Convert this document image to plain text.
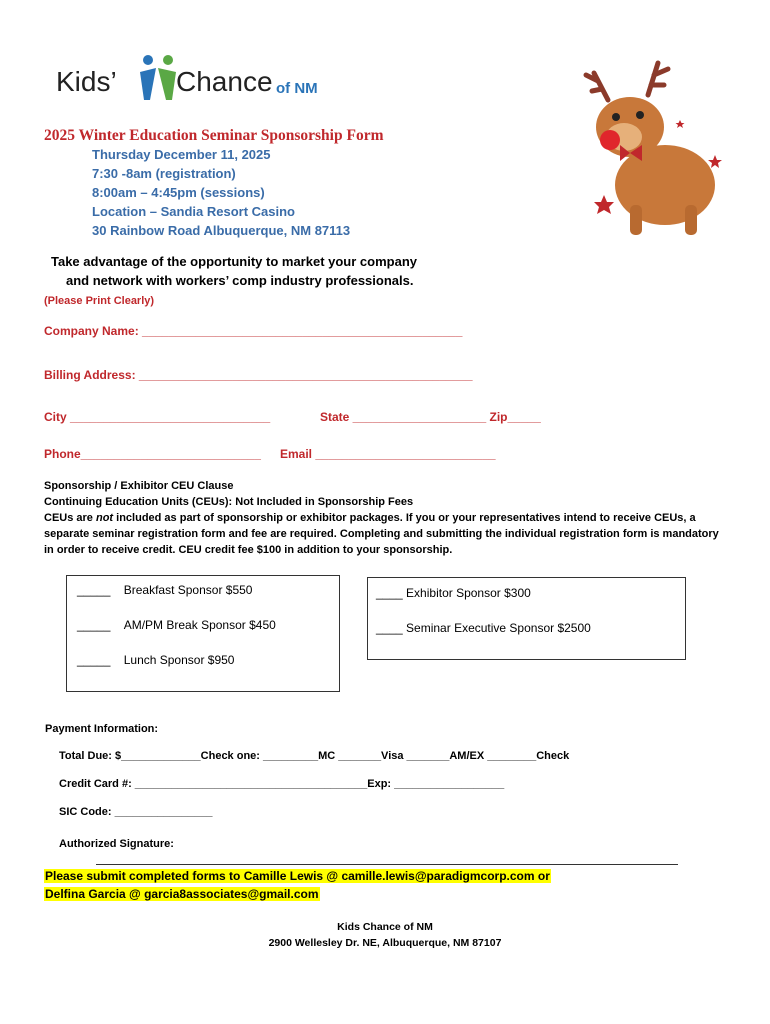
Kids’ Chance of NM
2025 Winter Education Seminar Sponsorship Form
Thursday December 11, 2025
7:30 -8am (registration)
8:00am – 4:45pm (sessions)
Location – Sandia Resort Casino
30 Rainbow Road Albuquerque, NM 87113
Take advantage of the opportunity to market your company
and network with workers’ comp industry professionals.
(Please Print Clearly)
Company Name: ________________________________________________
Billing Address: __________________________________________________
City ______________________________	State ____________________ Zip_____
Phone___________________________ Email ___________________________
Sponsorship / Exhibitor CEU Clause
Continuing Education Units (CEUs): Not Included in Sponsorship Fees
CEUs are not included as part of sponsorship or exhibitor packages. If you or your representatives intend to receive CEUs, a
separate seminar registration form and fee are required. Completing and submitting the individual registration form is mandatory
in order to receive credit. CEU credit fee $100 in addition to your sponsorship.
_____ Breakfast Sponsor $550
_____ AM/PM Break Sponsor $450
_____ Lunch Sponsor $950
____ Exhibitor Sponsor $300
____ Seminar Executive Sponsor $2500
Payment Information:
Total Due: $_____________Check one: _________MC _______Visa _______AM/EX ________Check
Credit Card #: ______________________________________Exp: __________________
SIC Code: ________________
Authorized Signature:
Please submit completed forms to Camille Lewis @ camille.lewis@paradigmcorp.com or
Delfina Garcia @ garcia8associates@gmail.com
Kids Chance of NM
2900 Wellesley Dr. NE, Albuquerque, NM 87107
